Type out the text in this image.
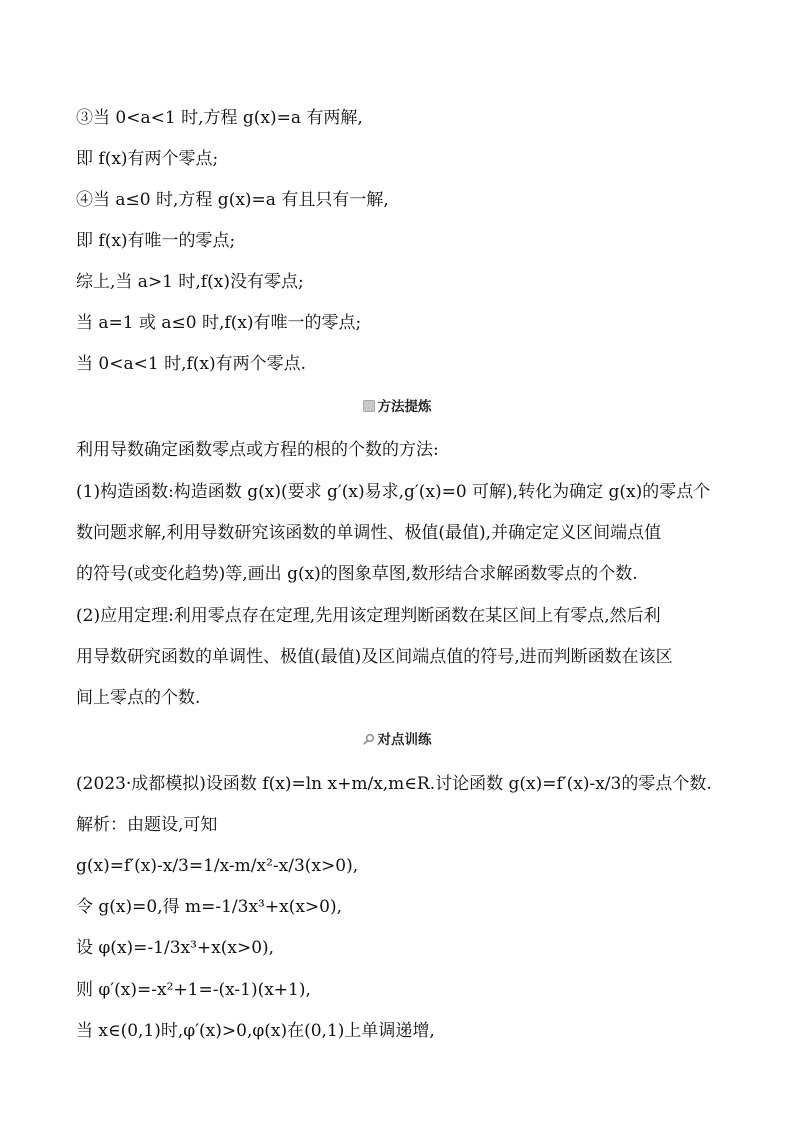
③当 0<a<1 时,方程 g(x)=a 有两解,
即 f(x)有两个零点;
④当 a≤0 时,方程 g(x)=a 有且只有一解,
即 f(x)有唯一的零点;
综上,当 a>1 时,f(x)没有零点;
当 a=1 或 a≤0 时,f(x)有唯一的零点;
当 0<a<1 时,f(x)有两个零点.
方法提炼
利用导数确定函数零点或方程的根的个数的方法:
(1)构造函数:构造函数 g(x)(要求 g′(x)易求,g′(x)=0 可解),转化为确定 g(x)的零点个
数问题求解,利用导数研究该函数的单调性、极值(最值),并确定定义区间端点值
的符号(或变化趋势)等,画出 g(x)的图象草图,数形结合求解函数零点的个数.
(2)应用定理:利用零点存在定理,先用该定理判断函数在某区间上有零点,然后利
用导数研究函数的单调性、极值(最值)及区间端点值的符号,进而判断函数在该区
间上零点的个数.
对点训练
(2023·成都模拟)设函数 f(x)=ln x+m/x,m∈R.讨论函数 g(x)=f′(x)-x/3的零点个数.
解析：由题设,可知
g(x)=f′(x)-x/3=1/x-m/x²-x/3(x>0),
令 g(x)=0,得 m=-1/3x³+x(x>0),
设 φ(x)=-1/3x³+x(x>0),
则 φ′(x)=-x²+1=-(x-1)(x+1),
当 x∈(0,1)时,φ′(x)>0,φ(x)在(0,1)上单调递增,
